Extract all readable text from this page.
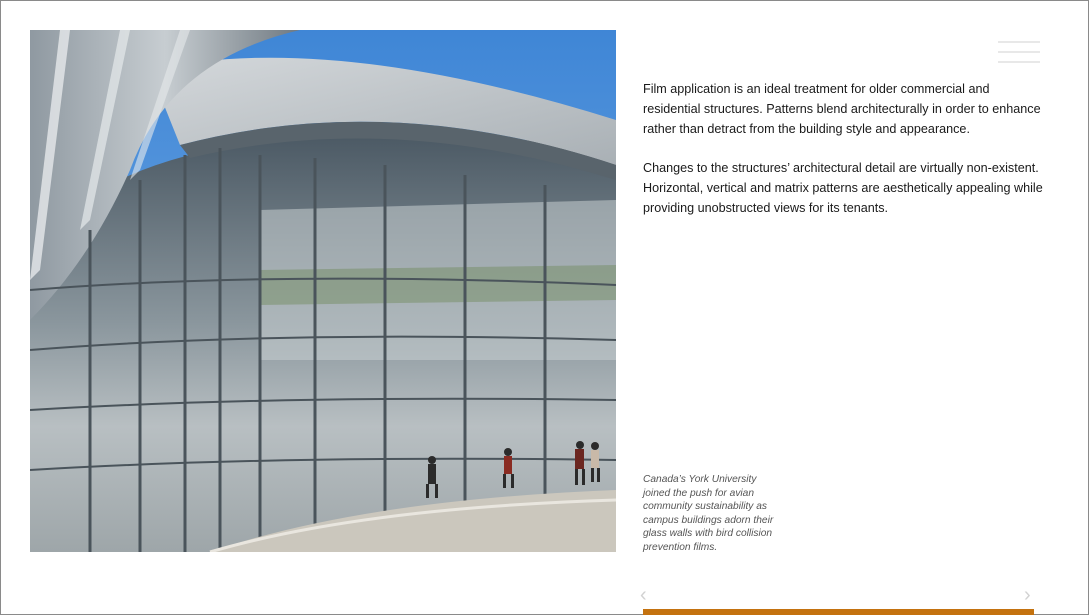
Film application is an ideal treatment for older commercial and residential structures. Patterns blend architecturally in order to enhance rather than detract from the building style and appearance.

Changes to the structures’ architectural detail are virtually non-existent. Horizontal, vertical and matrix patterns are aesthetically appealing while providing unobstructed views for its tenants.

Canada’s York University joined the push for avian community sustainability as campus buildings adorn their glass walls with bird collision prevention films.
‹	›
